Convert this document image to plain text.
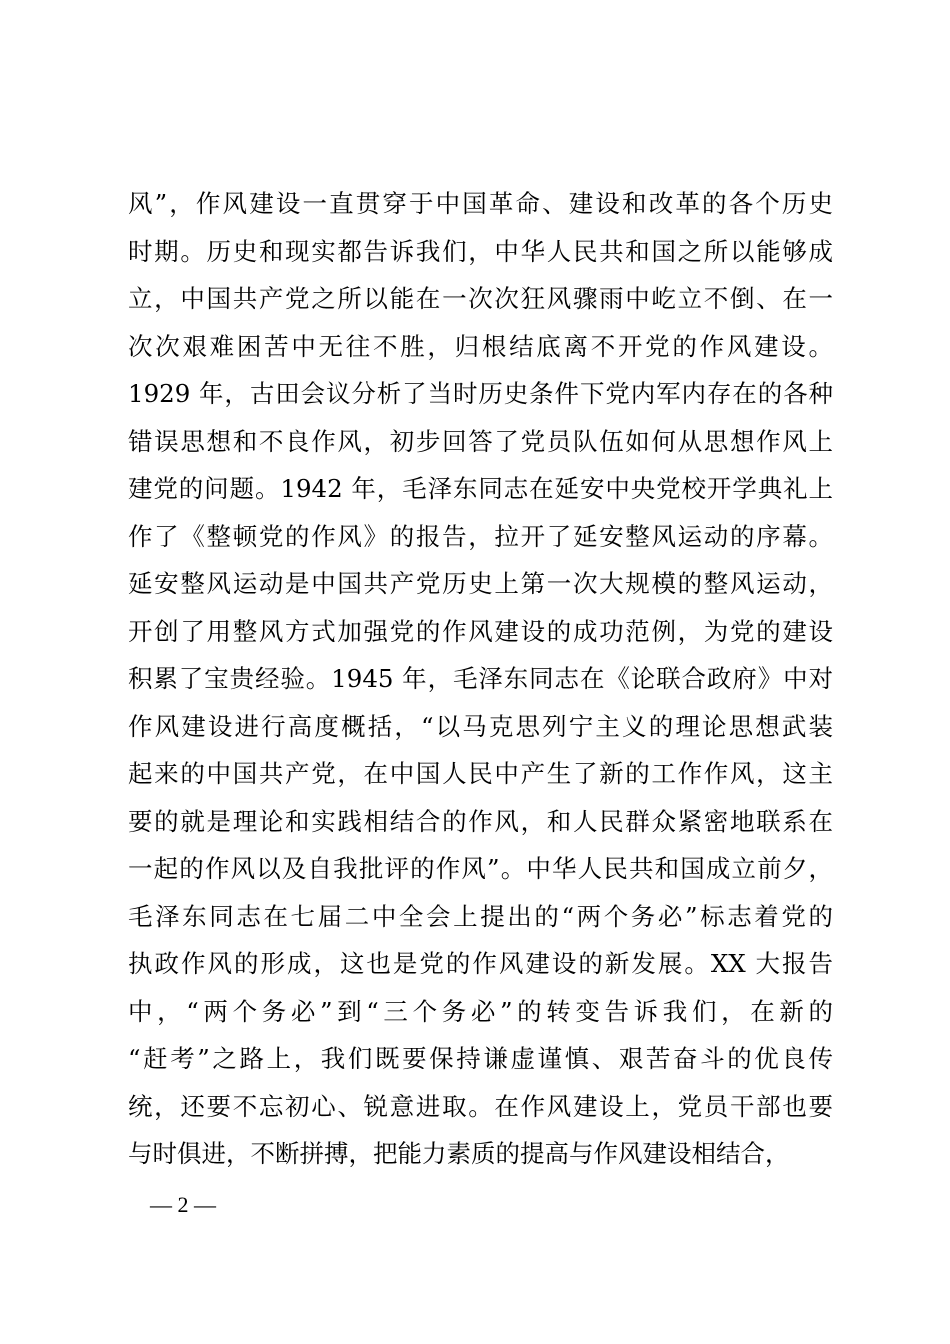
风”，作风建设一直贯穿于中国革命、建设和改革的各个历史
时期。历史和现实都告诉我们，中华人民共和国之所以能够成
立，中国共产党之所以能在一次次狂风骤雨中屹立不倒、在一
次次艰难困苦中无往不胜，归根结底离不开党的作风建设。
1929 年，古田会议分析了当时历史条件下党内军内存在的各种
错误思想和不良作风，初步回答了党员队伍如何从思想作风上
建党的问题。1942 年，毛泽东同志在延安中央党校开学典礼上
作了《整顿党的作风》的报告，拉开了延安整风运动的序幕。
延安整风运动是中国共产党历史上第一次大规模的整风运动，
开创了用整风方式加强党的作风建设的成功范例，为党的建设
积累了宝贵经验。1945 年，毛泽东同志在《论联合政府》中对
作风建设进行高度概括，“以马克思列宁主义的理论思想武装
起来的中国共产党，在中国人民中产生了新的工作作风，这主
要的就是理论和实践相结合的作风，和人民群众紧密地联系在
一起的作风以及自我批评的作风”。中华人民共和国成立前夕，
毛泽东同志在七届二中全会上提出的“两个务必”标志着党的
执政作风的形成，这也是党的作风建设的新发展。XX 大报告
中，“两个务必”到“三个务必”的转变告诉我们，在新的
“赶考”之路上，我们既要保持谦虚谨慎、艰苦奋斗的优良传
统，还要不忘初心、锐意进取。在作风建设上，党员干部也要
与时俱进，不断拼搏，把能力素质的提高与作风建设相结合，
— 2 —
